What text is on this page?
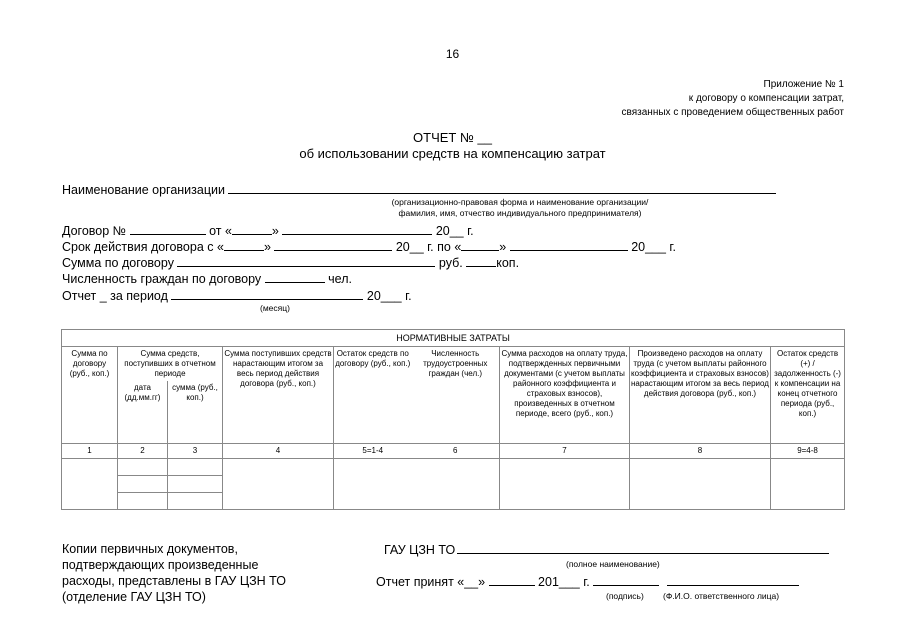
16
Приложение № 1
к договору о компенсации затрат,
связанных с проведением общественных работ
ОТЧЕТ № __
об использовании средств на компенсацию затрат
Наименование организации
(организационно-правовая форма и наименование организации/
фамилия, имя, отчество индивидуального предпринимателя)
Договор №	от «	»	20__ г.
Срок действия договора с «	»	20__ г. по «	»	20___ г.
Сумма по договору	руб.	коп.
Численность граждан по договору	чел.
Отчет _ за период	20___ г.
(месяц)
НОРМАТИВНЫЕ ЗАТРАТЫ								
Сумма по договору (руб., коп.)	Сумма средств, поступивших в отчетном периоде		Сумма поступивших средств нарастающим итогом за весь период действия договора (руб., коп.)	Остаток средств по договору (руб., коп.)	Численность трудоустроенных граждан (чел.)	Сумма расходов на оплату труда, подтвержденных первичными документами (с учетом выплаты районного коэффициента и страховых взносов), произведенных в отчетном периоде, всего (руб., коп.)	Произведено расходов на оплату труда (с учетом выплаты районного коэффициента и страховых взносов) нарастающим итогом за весь период действия договора (руб., коп.)	Остаток средств (+) / задолженность (-) к компенсации на конец отчетного периода (руб., коп.)
	дата (дд.мм.гг)	сумма (руб., коп.)						
1	2	3	4	5=1-4	6	7	8	9=4-8

Копии первичных документов,
подтверждающих произведенные
расходы, представлены в ГАУ ЦЗН ТО
(отделение ГАУ ЦЗН ТО)
ГАУ ЦЗН ТО
(полное наименование)
Отчет принят «__»	201___ г.
(подпись) (Ф.И.О. ответственного лица)
